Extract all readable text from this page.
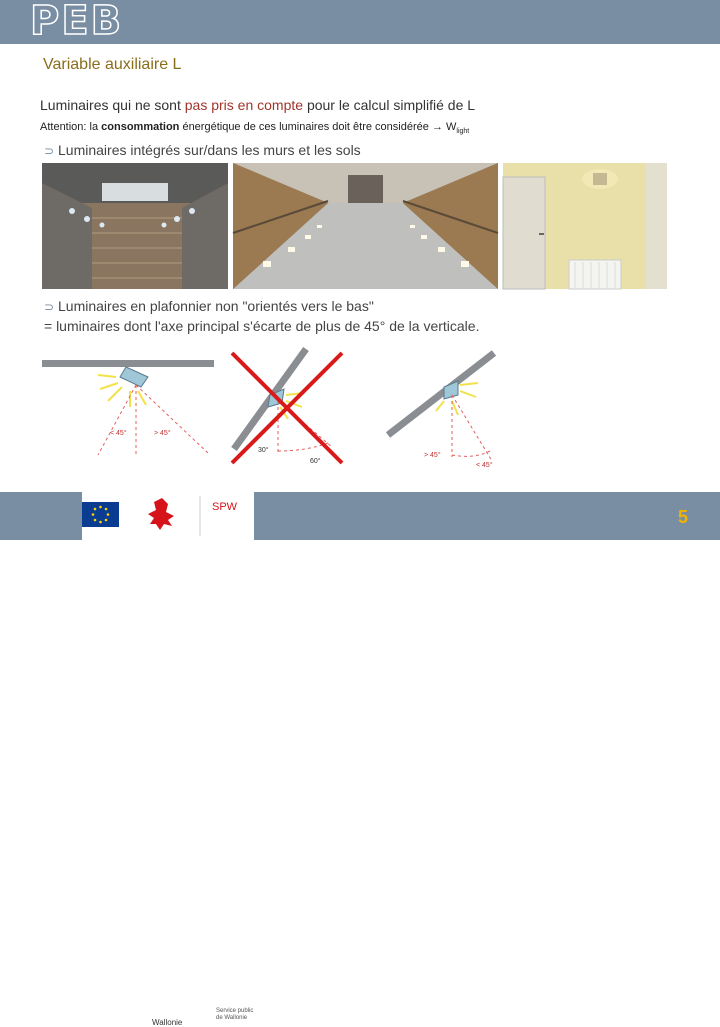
PEB
Variable auxiliaire L
Luminaires qui ne sont pas pris en compte pour le calcul simplifié de L
Attention: la consommation énergétique de ces luminaires doit être considérée → $W_{light}$
⊃ Luminaires intégrés sur/dans les murs et les sols
⊃ Luminaires en plafonnier non "orientés vers le bas"
= luminaires dont l'axe principal s'écarte de plus de 45° de la verticale.
< 45°	> 45°
30°
60°
> 45°
< 45°
SPW
Wallonie
Service public
de Wallonie
5
